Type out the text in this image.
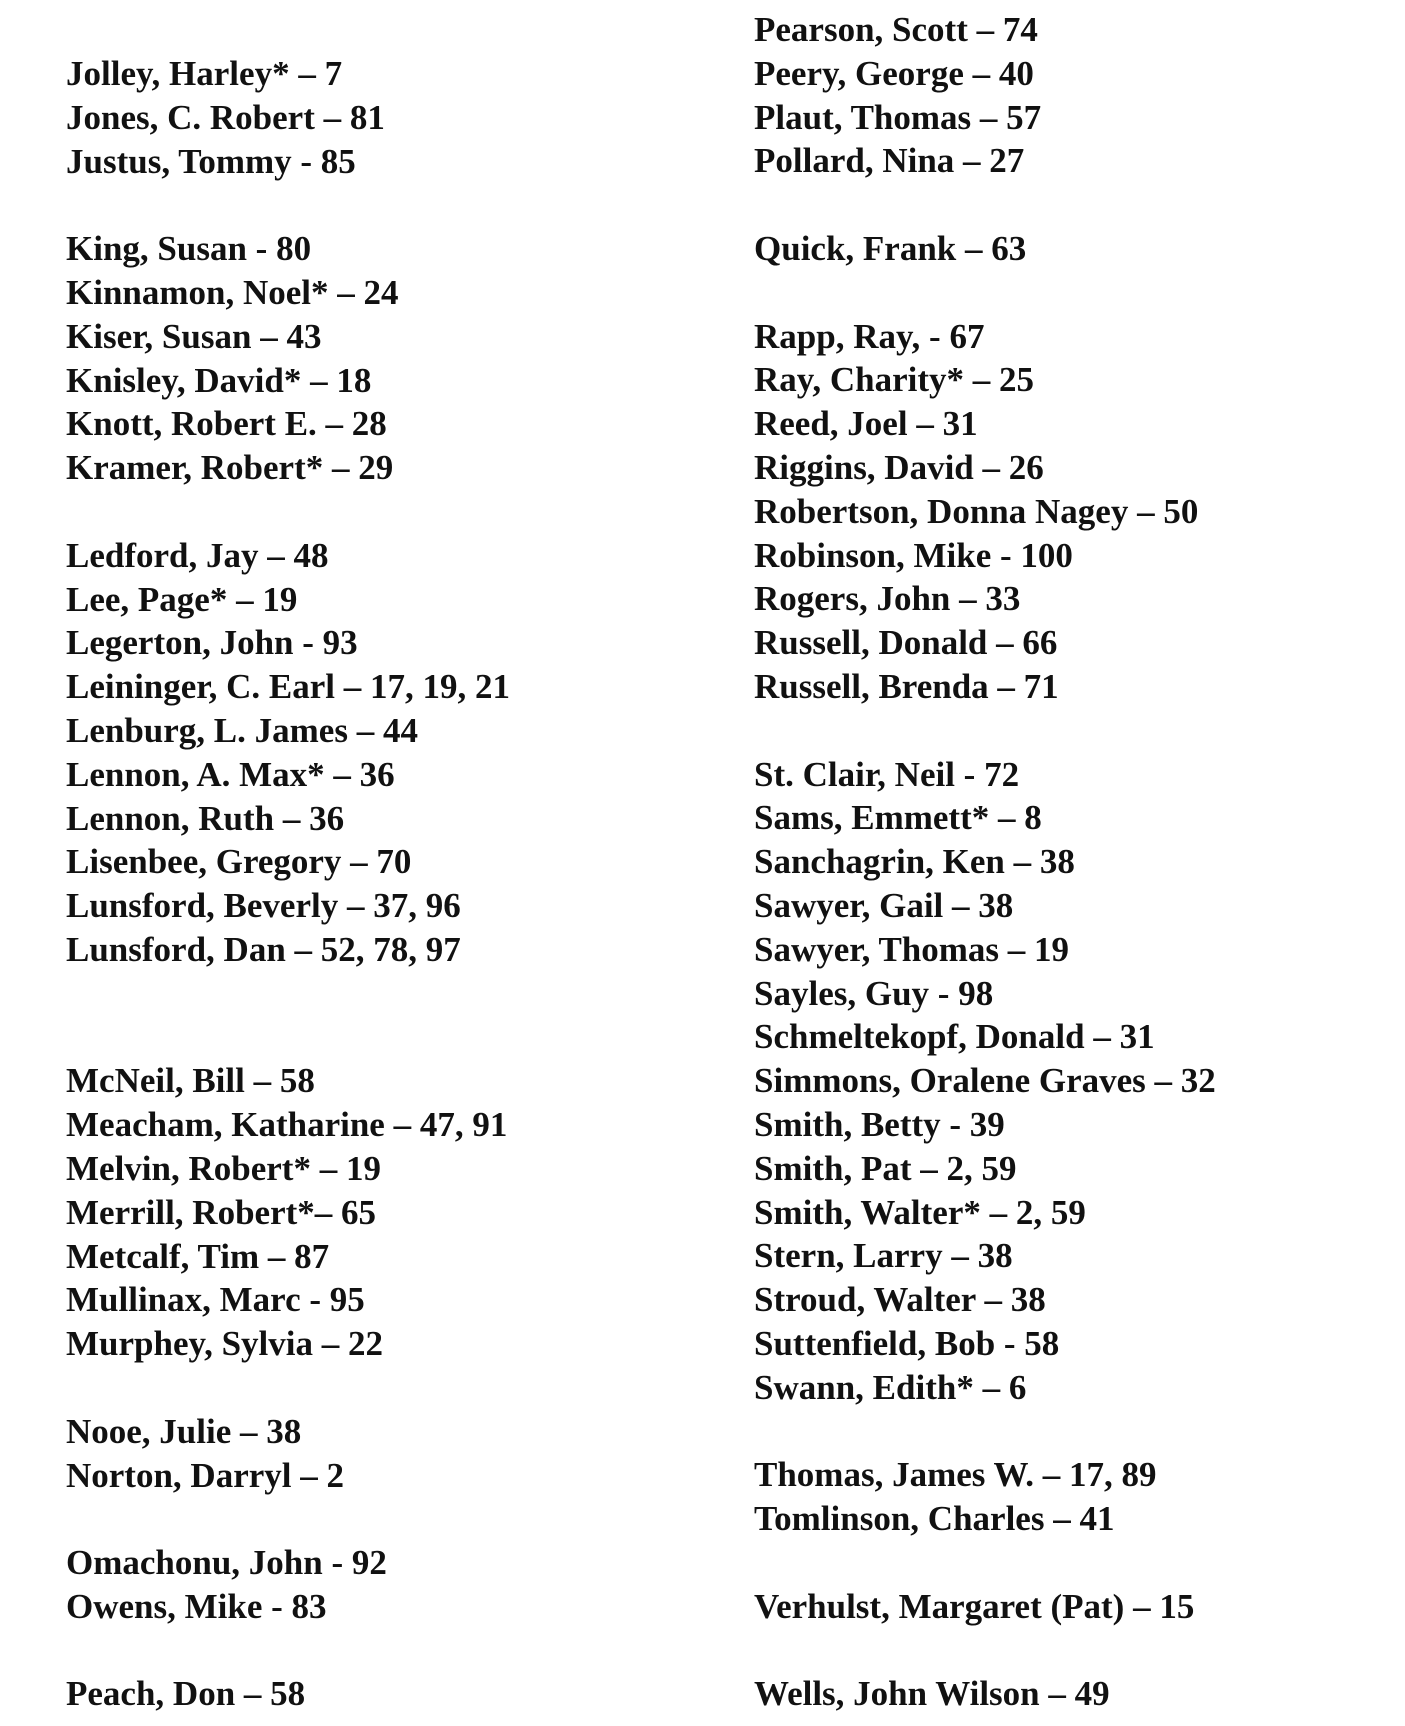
Jolley, Harley* – 7
Jones, C. Robert – 81
Justus, Tommy - 85
King, Susan - 80
Kinnamon, Noel* – 24
Kiser, Susan – 43
Knisley, David* – 18
Knott, Robert E. – 28
Kramer, Robert* – 29
Ledford, Jay – 48
Lee, Page* – 19
Legerton, John - 93
Leininger, C. Earl – 17, 19, 21
Lenburg, L. James – 44
Lennon, A. Max* – 36
Lennon, Ruth – 36
Lisenbee, Gregory – 70
Lunsford, Beverly – 37, 96
Lunsford, Dan – 52, 78, 97
McNeil, Bill – 58
Meacham, Katharine – 47, 91
Melvin, Robert* – 19
Merrill, Robert*– 65
Metcalf, Tim – 87
Mullinax, Marc - 95
Murphey, Sylvia – 22
Nooe, Julie – 38
Norton, Darryl – 2
Omachonu, John - 92
Owens, Mike - 83
Peach, Don – 58
Pearson, Scott – 74
Peery, George – 40
Plaut, Thomas – 57
Pollard, Nina – 27
Quick, Frank – 63
Rapp, Ray, - 67
Ray, Charity* – 25
Reed, Joel – 31
Riggins, David – 26
Robertson, Donna Nagey – 50
Robinson, Mike - 100
Rogers, John – 33
Russell, Donald – 66
Russell, Brenda – 71
St. Clair, Neil - 72
Sams, Emmett* – 8
Sanchagrin, Ken – 38
Sawyer, Gail – 38
Sawyer, Thomas – 19
Sayles, Guy - 98
Schmeltekopf, Donald – 31
Simmons, Oralene Graves – 32
Smith, Betty - 39
Smith, Pat – 2, 59
Smith, Walter* – 2, 59
Stern, Larry – 38
Stroud, Walter – 38
Suttenfield, Bob - 58
Swann, Edith* – 6
Thomas, James W. – 17, 89
Tomlinson, Charles – 41
Verhulst, Margaret (Pat) – 15
Wells, John Wilson – 49
